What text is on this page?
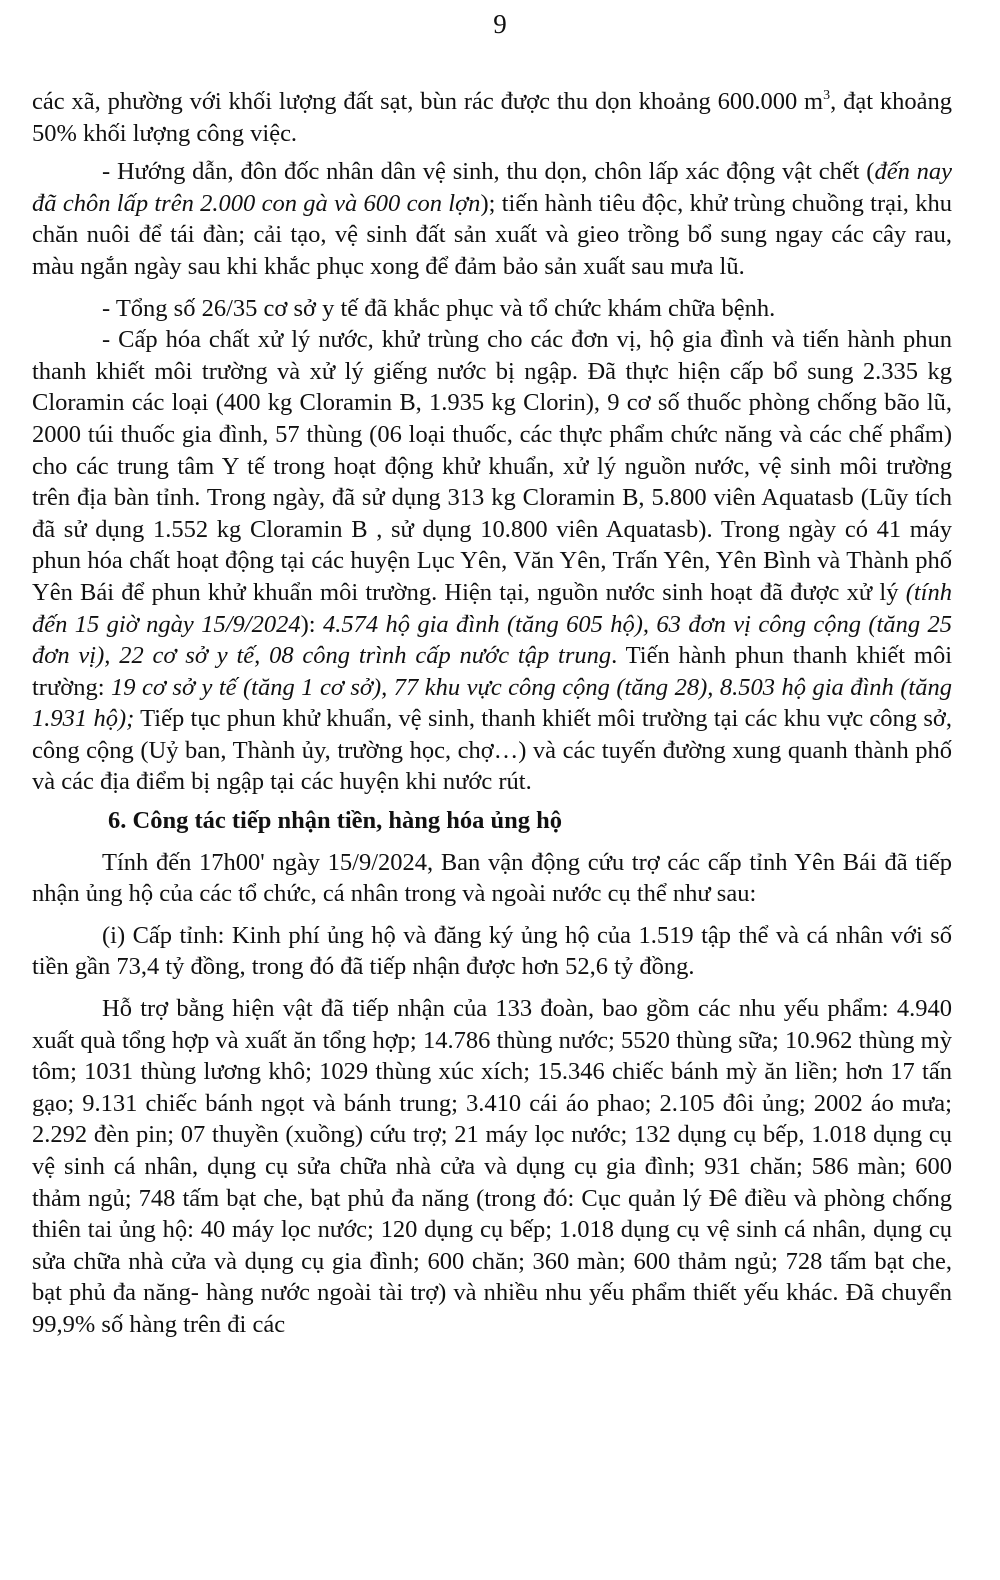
9

các xã, phường với khối lượng đất sạt, bùn rác được thu dọn khoảng 600.000 $m^3$, đạt khoảng 50% khối lượng công việc.

- Hướng dẫn, đôn đốc nhân dân vệ sinh, thu dọn, chôn lấp xác động vật chết (đến nay đã chôn lấp trên 2.000 con gà và 600 con lợn); tiến hành tiêu độc, khử trùng chuồng trại, khu chăn nuôi để tái đàn; cải tạo, vệ sinh đất sản xuất và gieo trồng bổ sung ngay các cây rau, màu ngắn ngày sau khi khắc phục xong để đảm bảo sản xuất sau mưa lũ.

- Tổng số 26/35 cơ sở y tế đã khắc phục và tổ chức khám chữa bệnh.

- Cấp hóa chất xử lý nước, khử trùng cho các đơn vị, hộ gia đình và tiến hành phun thanh khiết môi trường và xử lý giếng nước bị ngập. Đã thực hiện cấp bổ sung 2.335 kg Cloramin các loại (400 kg Cloramin B, 1.935 kg Clorin), 9 cơ số thuốc phòng chống bão lũ, 2000 túi thuốc gia đình, 57 thùng (06 loại thuốc, các thực phẩm chức năng và các chế phẩm) cho các trung tâm Y tế trong hoạt động khử khuẩn, xử lý nguồn nước, vệ sinh môi trường trên địa bàn tỉnh. Trong ngày, đã sử dụng 313 kg Cloramin B, 5.800 viên Aquatasb (Lũy tích đã sử dụng 1.552 kg Cloramin B , sử dụng 10.800 viên Aquatasb). Trong ngày có 41 máy phun hóa chất hoạt động tại các huyện Lục Yên, Văn Yên, Trấn Yên, Yên Bình và Thành phố Yên Bái để phun khử khuẩn môi trường. Hiện tại, nguồn nước sinh hoạt đã được xử lý (tính đến 15 giờ ngày 15/9/2024): 4.574 hộ gia đình (tăng 605 hộ), 63 đơn vị công cộng (tăng 25 đơn vị), 22 cơ sở y tế, 08 công trình cấp nước tập trung. Tiến hành phun thanh khiết môi trường: 19 cơ sở y tế (tăng 1 cơ sở), 77 khu vực công cộng (tăng 28), 8.503 hộ gia đình (tăng 1.931 hộ); Tiếp tục phun khử khuẩn, vệ sinh, thanh khiết môi trường tại các khu vực công sở, công cộng (Uỷ ban, Thành ủy, trường học, chợ…) và các tuyến đường xung quanh thành phố và các địa điểm bị ngập tại các huyện khi nước rút.

6. Công tác tiếp nhận tiền, hàng hóa ủng hộ

Tính đến 17h00' ngày 15/9/2024, Ban vận động cứu trợ các cấp tỉnh Yên Bái đã tiếp nhận ủng hộ của các tổ chức, cá nhân trong và ngoài nước cụ thể như sau:

(i) Cấp tỉnh: Kinh phí ủng hộ và đăng ký ủng hộ của 1.519 tập thể và cá nhân với số tiền gần 73,4 tỷ đồng, trong đó đã tiếp nhận được hơn 52,6 tỷ đồng.

Hỗ trợ bằng hiện vật đã tiếp nhận của 133 đoàn, bao gồm các nhu yếu phẩm: 4.940 xuất quà tổng hợp và xuất ăn tổng hợp; 14.786 thùng nước; 5520 thùng sữa; 10.962 thùng mỳ tôm; 1031 thùng lương khô; 1029 thùng xúc xích; 15.346 chiếc bánh mỳ ăn liền; hơn 17 tấn gạo; 9.131 chiếc bánh ngọt và bánh trung; 3.410 cái áo phao; 2.105 đôi ủng; 2002 áo mưa; 2.292 đèn pin; 07 thuyền (xuồng) cứu trợ; 21 máy lọc nước; 132 dụng cụ bếp, 1.018 dụng cụ vệ sinh cá nhân, dụng cụ sửa chữa nhà cửa và dụng cụ gia đình; 931 chăn; 586 màn; 600 thảm ngủ; 748 tấm bạt che, bạt phủ đa năng (trong đó: Cục quản lý Đê điều và phòng chống thiên tai ủng hộ: 40 máy lọc nước; 120 dụng cụ bếp; 1.018 dụng cụ vệ sinh cá nhân, dụng cụ sửa chữa nhà cửa và dụng cụ gia đình; 600 chăn; 360 màn; 600 thảm ngủ; 728 tấm bạt che, bạt phủ đa năng- hàng nước ngoài tài trợ) và nhiều nhu yếu phẩm thiết yếu khác. Đã chuyển 99,9% số hàng trên đi các
